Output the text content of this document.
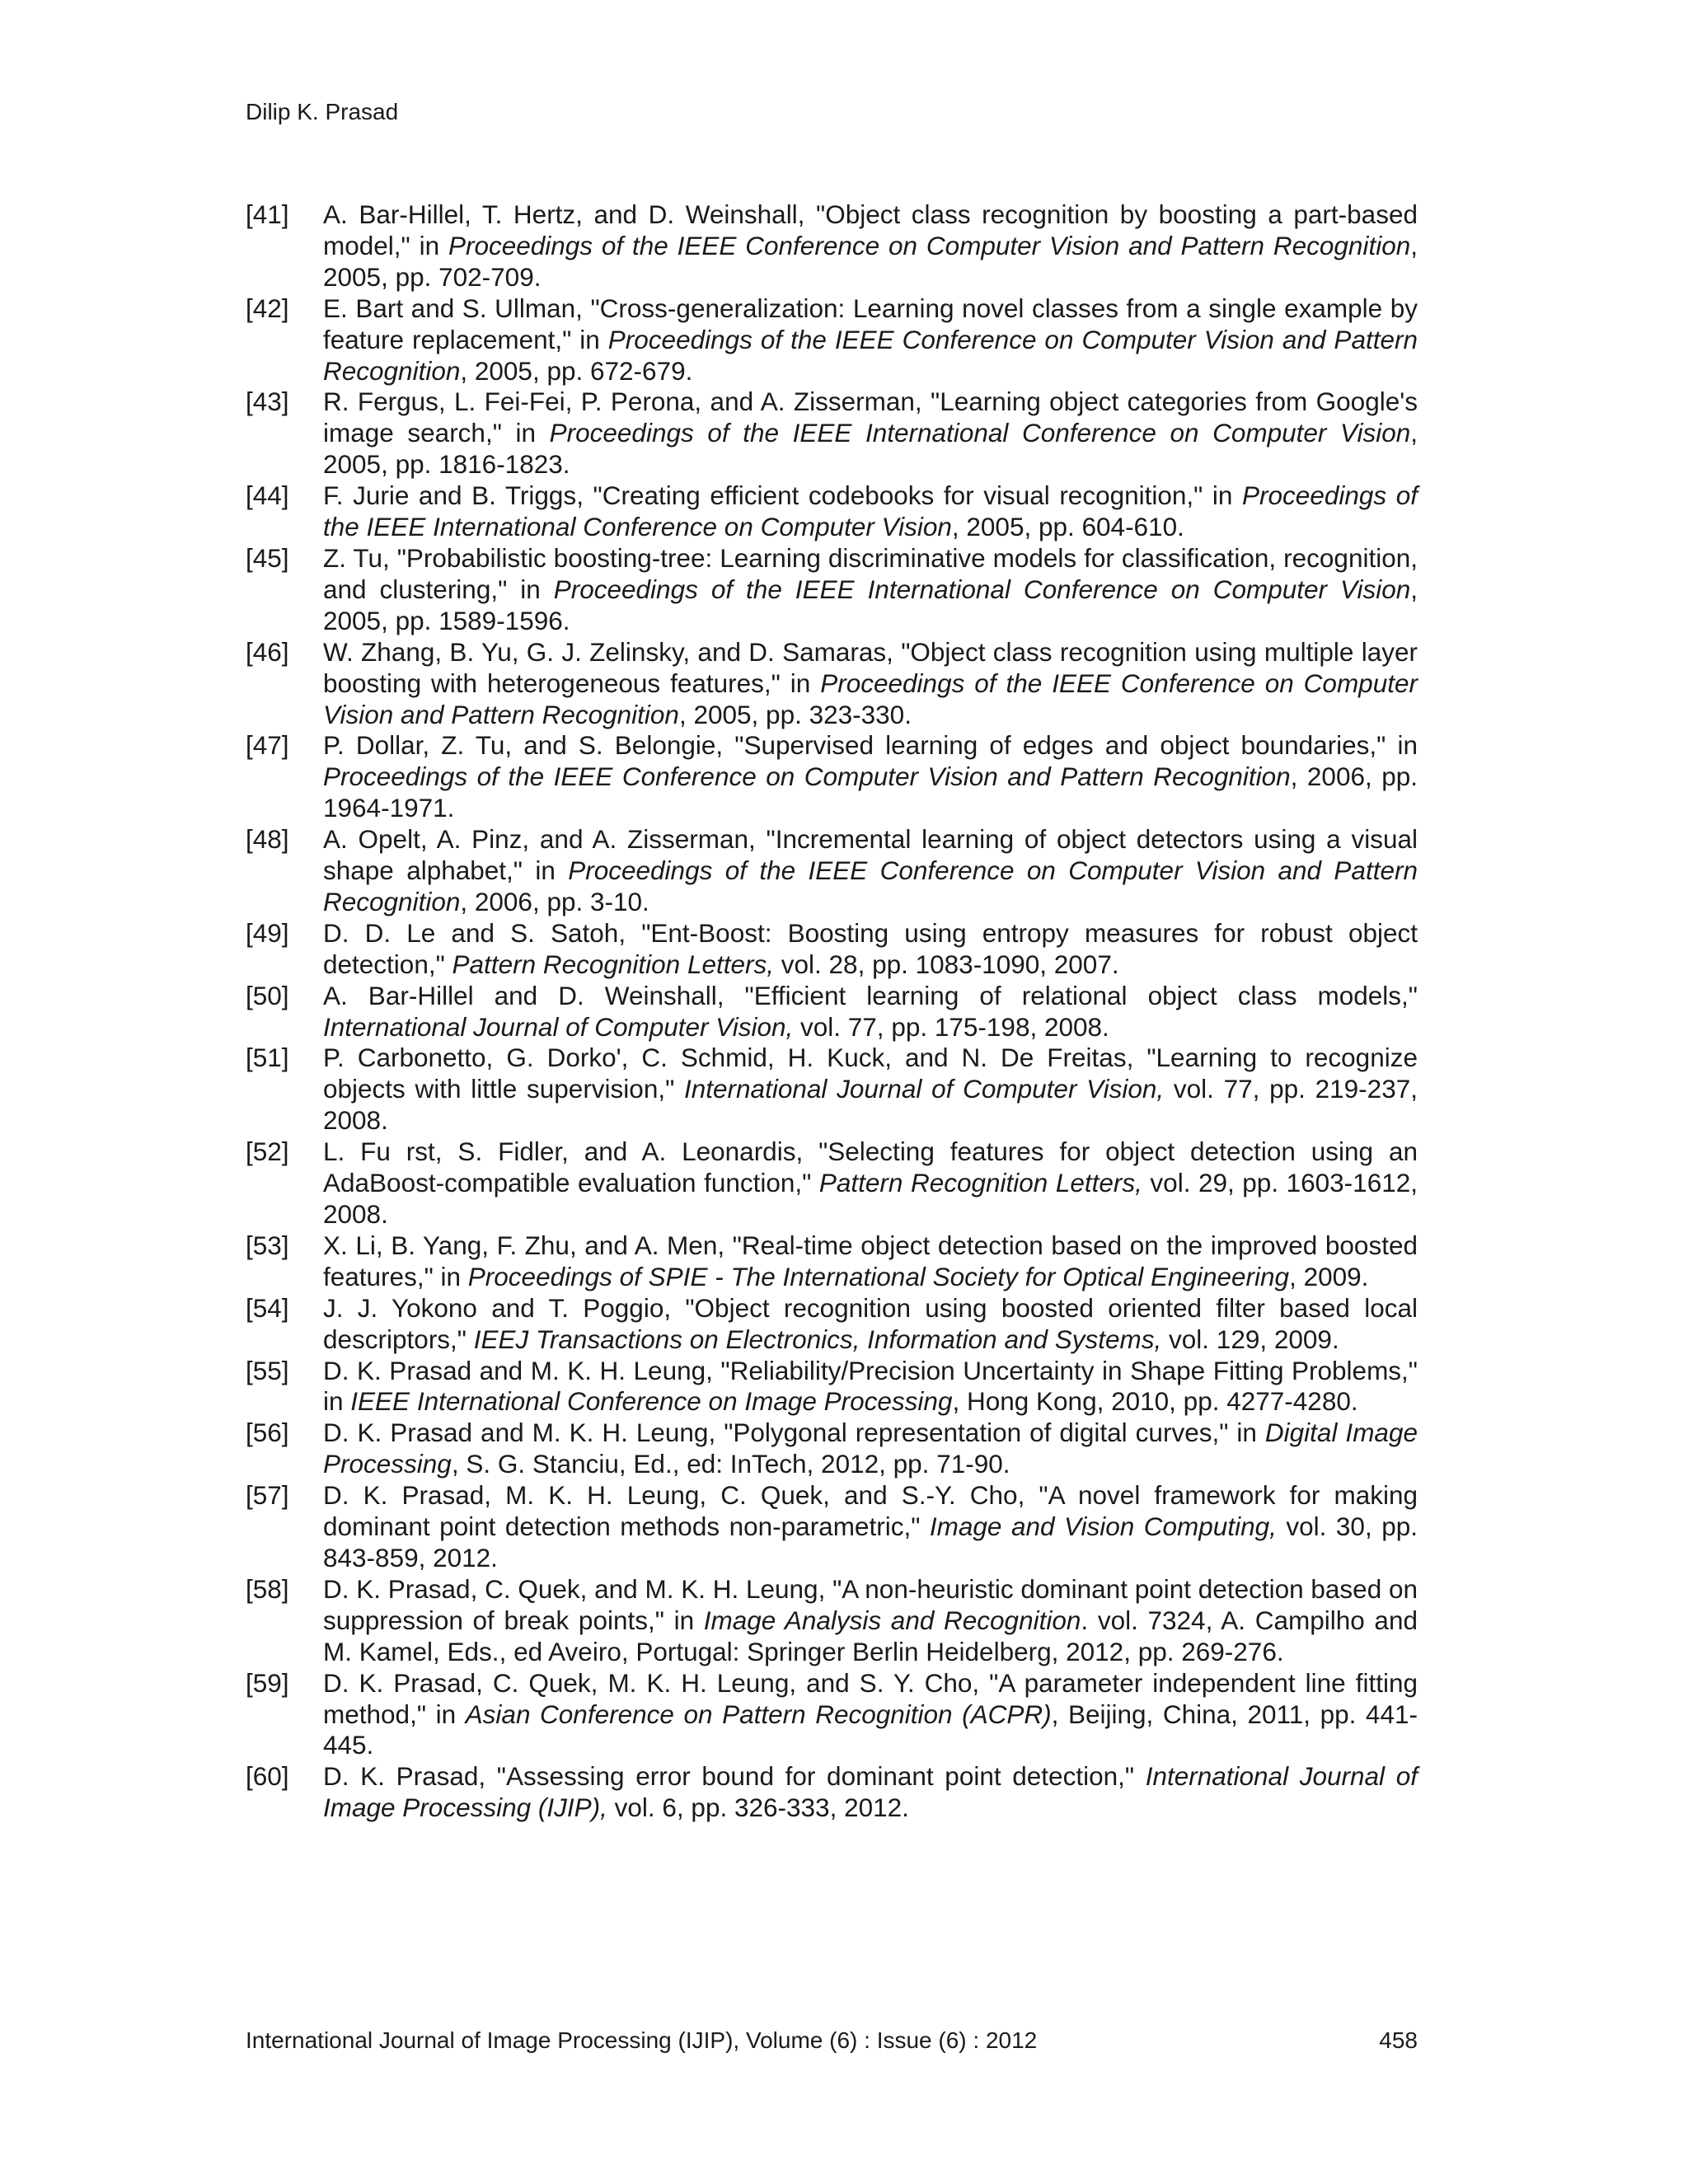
Dilip K. Prasad
[41] A. Bar-Hillel, T. Hertz, and D. Weinshall, "Object class recognition by boosting a part-based model," in Proceedings of the IEEE Conference on Computer Vision and Pattern Recognition, 2005, pp. 702-709.
[42] E. Bart and S. Ullman, "Cross-generalization: Learning novel classes from a single example by feature replacement," in Proceedings of the IEEE Conference on Computer Vision and Pattern Recognition, 2005, pp. 672-679.
[43] R. Fergus, L. Fei-Fei, P. Perona, and A. Zisserman, "Learning object categories from Google's image search," in Proceedings of the IEEE International Conference on Computer Vision, 2005, pp. 1816-1823.
[44] F. Jurie and B. Triggs, "Creating efficient codebooks for visual recognition," in Proceedings of the IEEE International Conference on Computer Vision, 2005, pp. 604-610.
[45] Z. Tu, "Probabilistic boosting-tree: Learning discriminative models for classification, recognition, and clustering," in Proceedings of the IEEE International Conference on Computer Vision, 2005, pp. 1589-1596.
[46] W. Zhang, B. Yu, G. J. Zelinsky, and D. Samaras, "Object class recognition using multiple layer boosting with heterogeneous features," in Proceedings of the IEEE Conference on Computer Vision and Pattern Recognition, 2005, pp. 323-330.
[47] P. Dollar, Z. Tu, and S. Belongie, "Supervised learning of edges and object boundaries," in Proceedings of the IEEE Conference on Computer Vision and Pattern Recognition, 2006, pp. 1964-1971.
[48] A. Opelt, A. Pinz, and A. Zisserman, "Incremental learning of object detectors using a visual shape alphabet," in Proceedings of the IEEE Conference on Computer Vision and Pattern Recognition, 2006, pp. 3-10.
[49] D. D. Le and S. Satoh, "Ent-Boost: Boosting using entropy measures for robust object detection," Pattern Recognition Letters, vol. 28, pp. 1083-1090, 2007.
[50] A. Bar-Hillel and D. Weinshall, "Efficient learning of relational object class models," International Journal of Computer Vision, vol. 77, pp. 175-198, 2008.
[51] P. Carbonetto, G. Dorko', C. Schmid, H. Kuck, and N. De Freitas, "Learning to recognize objects with little supervision," International Journal of Computer Vision, vol. 77, pp. 219-237, 2008.
[52] L. Fu rst, S. Fidler, and A. Leonardis, "Selecting features for object detection using an AdaBoost-compatible evaluation function," Pattern Recognition Letters, vol. 29, pp. 1603-1612, 2008.
[53] X. Li, B. Yang, F. Zhu, and A. Men, "Real-time object detection based on the improved boosted features," in Proceedings of SPIE - The International Society for Optical Engineering, 2009.
[54] J. J. Yokono and T. Poggio, "Object recognition using boosted oriented filter based local descriptors," IEEJ Transactions on Electronics, Information and Systems, vol. 129, 2009.
[55] D. K. Prasad and M. K. H. Leung, "Reliability/Precision Uncertainty in Shape Fitting Problems," in IEEE International Conference on Image Processing, Hong Kong, 2010, pp. 4277-4280.
[56] D. K. Prasad and M. K. H. Leung, "Polygonal representation of digital curves," in Digital Image Processing, S. G. Stanciu, Ed., ed: InTech, 2012, pp. 71-90.
[57] D. K. Prasad, M. K. H. Leung, C. Quek, and S.-Y. Cho, "A novel framework for making dominant point detection methods non-parametric," Image and Vision Computing, vol. 30, pp. 843-859, 2012.
[58] D. K. Prasad, C. Quek, and M. K. H. Leung, "A non-heuristic dominant point detection based on suppression of break points," in Image Analysis and Recognition. vol. 7324, A. Campilho and M. Kamel, Eds., ed Aveiro, Portugal: Springer Berlin Heidelberg, 2012, pp. 269-276.
[59] D. K. Prasad, C. Quek, M. K. H. Leung, and S. Y. Cho, "A parameter independent line fitting method," in Asian Conference on Pattern Recognition (ACPR), Beijing, China, 2011, pp. 441-445.
[60] D. K. Prasad, "Assessing error bound for dominant point detection," International Journal of Image Processing (IJIP), vol. 6, pp. 326-333, 2012.
International Journal of Image Processing (IJIP), Volume (6) : Issue (6) : 2012	458
